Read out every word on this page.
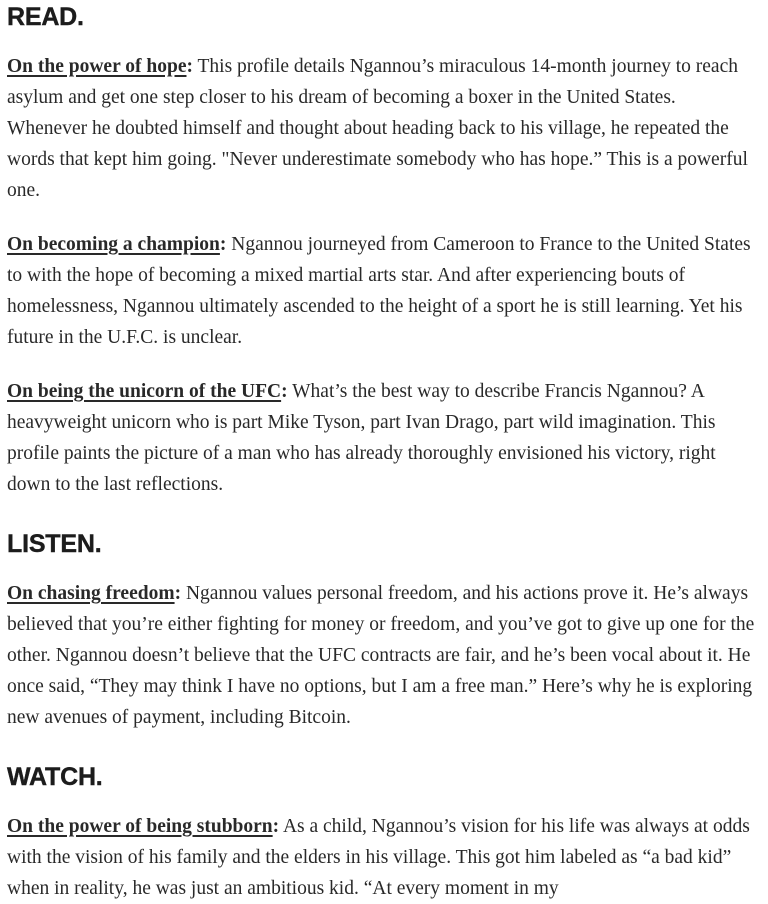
READ.

On the power of hope: This profile details Ngannou’s miraculous 14-month journey to reach asylum and get one step closer to his dream of becoming a boxer in the United States. Whenever he doubted himself and thought about heading back to his village, he repeated the words that kept him going. "Never underestimate somebody who has hope.” This is a powerful one.

On becoming a champion: Ngannou journeyed from Cameroon to France to the United States to with the hope of becoming a mixed martial arts star. And after experiencing bouts of homelessness, Ngannou ultimately ascended to the height of a sport he is still learning. Yet his future in the U.F.C. is unclear.

On being the unicorn of the UFC: What’s the best way to describe Francis Ngannou? A heavyweight unicorn who is part Mike Tyson, part Ivan Drago, part wild imagination. This profile paints the picture of a man who has already thoroughly envisioned his victory, right down to the last reflections.

LISTEN.

On chasing freedom: Ngannou values personal freedom, and his actions prove it. He’s always believed that you’re either fighting for money or freedom, and you’ve got to give up one for the other. Ngannou doesn’t believe that the UFC contracts are fair, and he’s been vocal about it. He once said, “They may think I have no options, but I am a free man.” Here’s why he is exploring new avenues of payment, including Bitcoin.

WATCH.

On the power of being stubborn: As a child, Ngannou’s vision for his life was always at odds with the vision of his family and the elders in his village. This got him labeled as “a bad kid” when in reality, he was just an ambitious kid. “At every moment in my
